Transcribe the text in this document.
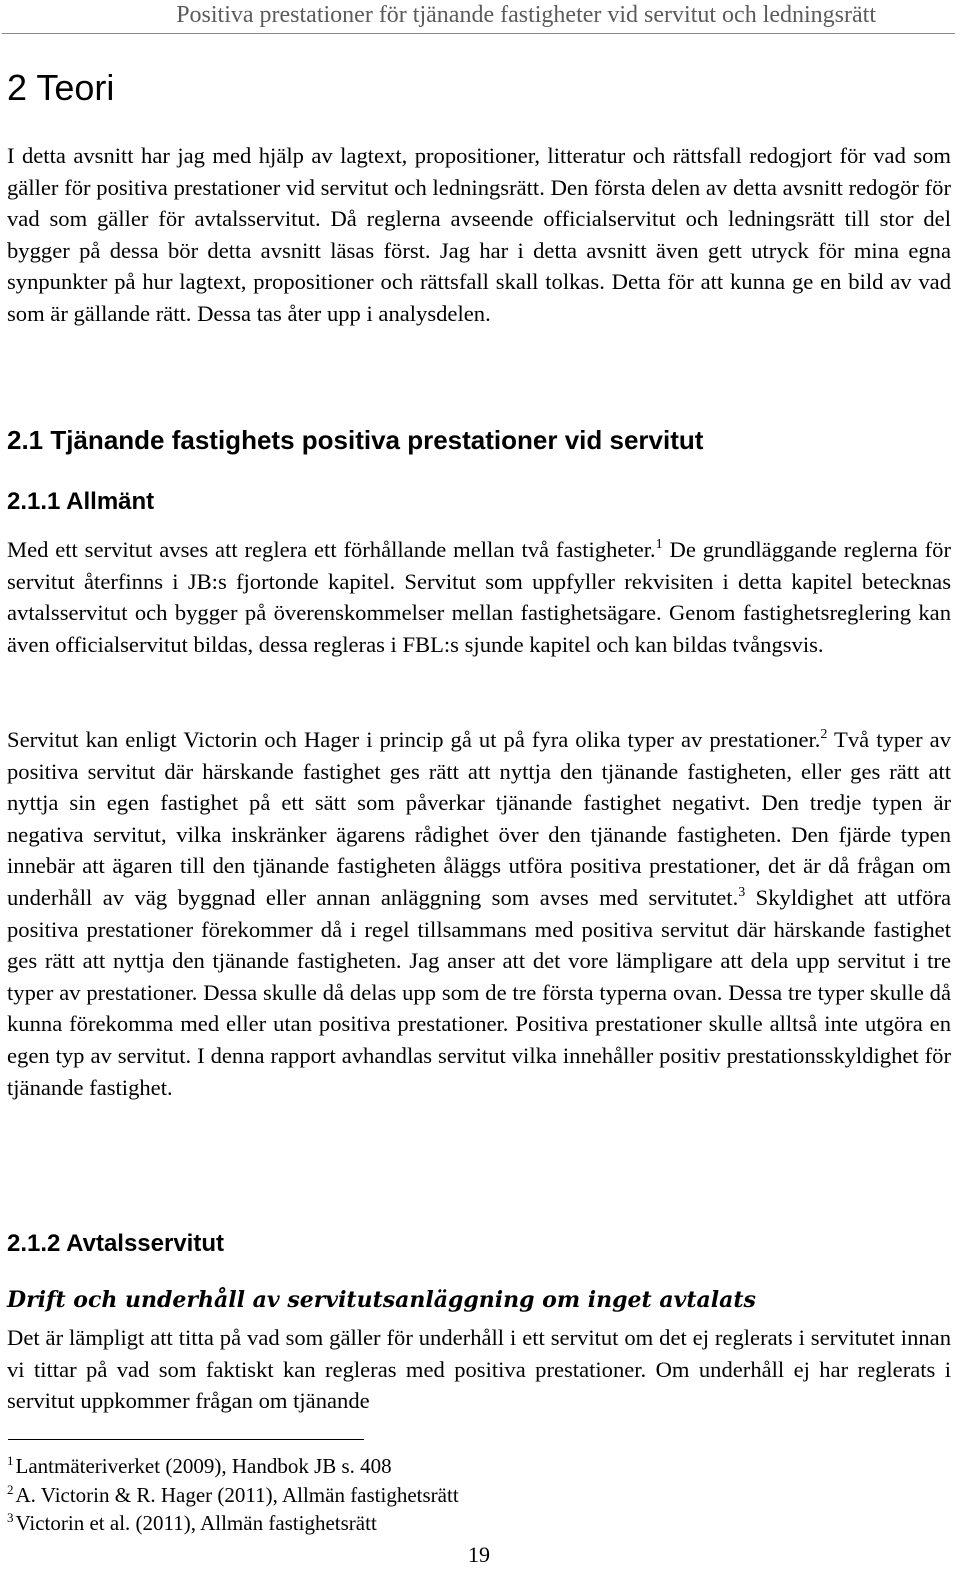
Positiva prestationer för tjänande fastigheter vid servitut och ledningsrätt
2 Teori

I detta avsnitt har jag med hjälp av lagtext, propositioner, litteratur och rättsfall redogjort för vad som gäller för positiva prestationer vid servitut och ledningsrätt. Den första delen av detta avsnitt redogör för vad som gäller för avtalsservitut. Då reglerna avseende officialservitut och ledningsrätt till stor del bygger på dessa bör detta avsnitt läsas först. Jag har i detta avsnitt även gett utryck för mina egna synpunkter på hur lagtext, propositioner och rättsfall skall tolkas. Detta för att kunna ge en bild av vad som är gällande rätt. Dessa tas åter upp i analysdelen.

2.1 Tjänande fastighets positiva prestationer vid servitut
2.1.1 Allmänt

Med ett servitut avses att reglera ett förhållande mellan två fastigheter.$^1$ De grundläggande reglerna för servitut återfinns i JB:s fjortonde kapitel. Servitut som uppfyller rekvisiten i detta kapitel betecknas avtalsservitut och bygger på överenskommelser mellan fastighetsägare. Genom fastighetsreglering kan även officialservitut bildas, dessa regleras i FBL:s sjunde kapitel och kan bildas tvångsvis.

Servitut kan enligt Victorin och Hager i princip gå ut på fyra olika typer av prestationer.$^2$ Två typer av positiva servitut där härskande fastighet ges rätt att nyttja den tjänande fastigheten, eller ges rätt att nyttja sin egen fastighet på ett sätt som påverkar tjänande fastighet negativt. Den tredje typen är negativa servitut, vilka inskränker ägarens rådighet över den tjänande fastigheten. Den fjärde typen innebär att ägaren till den tjänande fastigheten åläggs utföra positiva prestationer, det är då frågan om underhåll av väg byggnad eller annan anläggning som avses med servitutet.$^3$ Skyldighet att utföra positiva prestationer förekommer då i regel tillsammans med positiva servitut där härskande fastighet ges rätt att nyttja den tjänande fastigheten. Jag anser att det vore lämpligare att dela upp servitut i tre typer av prestationer. Dessa skulle då delas upp som de tre första typerna ovan. Dessa tre typer skulle då kunna förekomma med eller utan positiva prestationer. Positiva prestationer skulle alltså inte utgöra en egen typ av servitut. I denna rapport avhandlas servitut vilka innehåller positiv prestationsskyldighet för tjänande fastighet.

2.1.2 Avtalsservitut
Drift och underhåll av servitutsanläggning om inget avtalats

Det är lämpligt att titta på vad som gäller för underhåll i ett servitut om det ej reglerats i servitutet innan vi tittar på vad som faktiskt kan regleras med positiva prestationer. Om underhåll ej har reglerats i servitut uppkommer frågan om tjänande

$^1$Lantmäteriverket (2009), Handbok JB s. 408
$^2$A. Victorin & R. Hager (2011), Allmän fastighetsrätt
$^3$Victorin et al. (2011), Allmän fastighetsrätt
19
